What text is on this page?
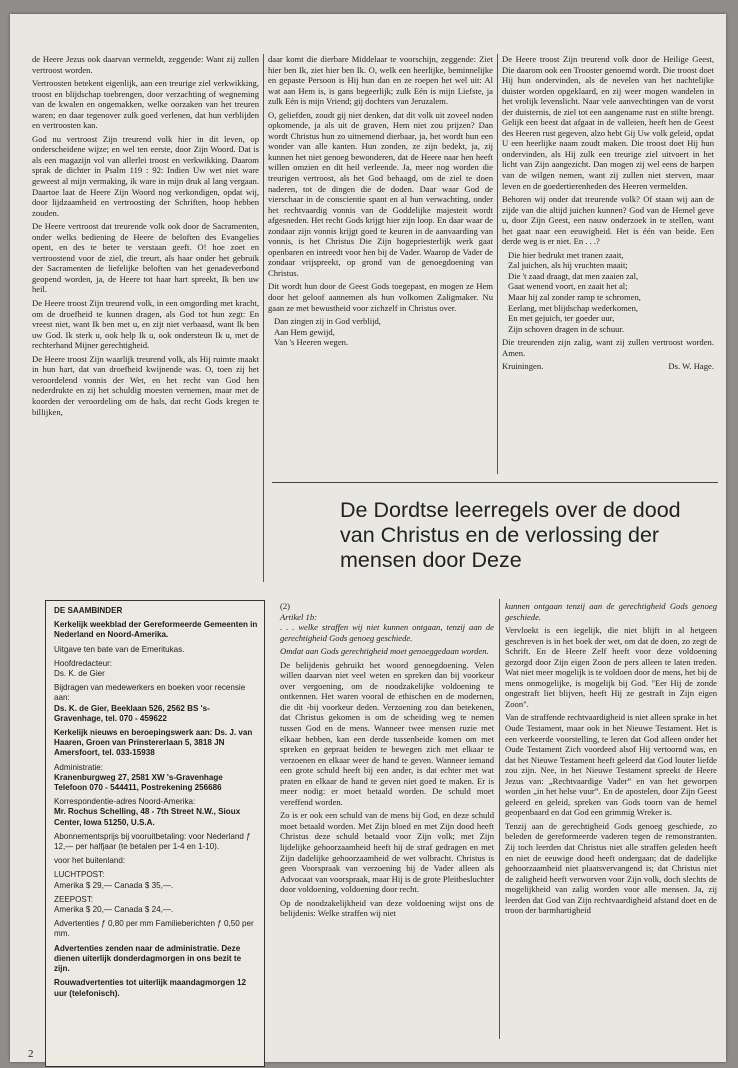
de Heere Jezus ook daarvan vermeldt, zeggende: Want zij zullen vertroost worden.

Vertroosten betekent eigenlijk, aan een treurige ziel verkwikking, troost en blijdschap toebrengen, door verzachting of wegneming van de kwalen en ongemakken, welke oorzaken van het treuren waren; en daar tegenover zulk goed verlenen, dat hun verblijden en vertroosten kan.

God nu vertroost Zijn treurend volk hier in dit leven, op onderscheidene wijze; en wel ten eerste, door Zijn Woord. Dat is als een magazijn vol van allerlei troost en verkwikking. Daarom sprak de dichter in Psalm 119 : 92: Indien Uw wet niet ware geweest al mijn vermaking, ik ware in mijn druk al lang vergaan. Daartoe laat de Heere Zijn Woord nog verkondigen, opdat wij, door lijdzaamheid en vertroosting der Schriften, hoop hebben zouden.

De Heere vertroost dat treurende volk ook door de Sacramenten, onder welks bediening de Heere de beloften des Evangelies opent, en des te beter te verstaan geeft. O! hoe zoet en vertroostend voor de ziel, die treurt, als haar onder het gebruik der Sacramenten de liefelijke beloften van het genadeverbond geopend worden, ja, de Heere tot haar hart spreekt, Ik ben uw heil.

De Heere troost Zijn treurend volk, in een omgording met kracht, om de droefheid te kunnen dragen, als God tot hun zegt: En vreest niet, want Ik ben met u, en zijt niet verbaasd, want Ik ben uw God. Ik sterk u, ook help Ik u, ook ondersteun Ik u, met de rechterhand Mijner gerechtigheid.

De Heere troost Zijn waarlijk treurend volk, als Hij ruimte maakt in hun hart, dat van droefheid kwijnende was. O, toen zij het veroordelend vonnis der Wet, en het recht van God hen nederdrukte en zij het schuldig moesten vernemen, maar met de koorden der veroordeling om de hals, dat recht Gods kregen te billijken,

daar komt die dierbare Middelaar te voorschijn, zeggende: Ziet hier ben Ik, ziet hier ben Ik. O, welk een heerlijke, beminnelijke en gepaste Persoon is Hij hun dan en ze roepen het wel uit: Al wat aan Hem is, is gans begeerlijk; zulk Eén is mijn Liefste, ja zulk Eén is mijn Vriend; gij dochters van Jeruzalem.

O, geliefden, zoudt gij niet denken, dat dit volk uit zoveel noden opkomende, ja als uit de graven, Hem niet zou prijzen? Dan wordt Christus hun zo uitnemend dierbaar, ja, het wordt hun een wonder van alle kanten. Hun zonden, ze zijn bedekt, ja, zij kunnen het niet genoeg bewonderen, dat de Heere naar hen heeft willen omzien en dit heil verleende. Ja, meer nog worden die treurigen vertroost, als het God behaagd, om de ziel te doen naderen, tot de dingen die de doden. Daar waar God de vierschaar in de conscientie spant en al hun verwachting, onder het rechtvaardig vonnis van de Goddelijke majesteit wordt afgesneden. Het recht Gods krijgt hier zijn loop. En daar waar de zondaar zijn vonnis krijgt goed te keuren in de aanvaarding van vonnis, is het Christus Die Zijn hogepriesterlijk werk gaat openbaren en intreedt voor hen bij de Vader. Waarop de Vader de zondaar vrijspreekt, op grond van de genoegdoening van Christus.

Dit wordt hun door de Geest Gods toegepast, en mogen ze Hem door het geloof aannemen als hun volkomen Zaligmaker. Nu gaan ze met bewustheid voor zichzelf in Christus over.

Dan zingen zij in God verblijd,
Aan Hem gewijd,
Van 's Heeren wegen.

De Heere troost Zijn treurend volk door de Heilige Geest, Die daarom ook een Trooster genoemd wordt. Die troost doet Hij hun ondervinden, als de nevelen van het nachtelijke duister worden opgeklaard, en zij weer mogen wandelen in het vrolijk levenslicht. Naar vele aanvechtingen van de vorst der duisternis, de ziel tot een aangename rust en stilte brengt. Gelijk een beest dat afgaat in de valleien, heeft hen de Geest des Heeren rust gegeven, alzo hebt Gij Uw volk geleid, opdat U een heerlijke naam zoudt maken. Die troost doet Hij hun ondervinden, als Hij zulk een treurige ziel uitvoert in het licht van Zijn aangezicht. Dan mogen zij wel eens de harpen van de wilgen nemen, want zij zullen niet sterven, maar leven en de goedertierenheden des Heeren vermelden.

Behoren wij onder dat treurende volk? Of staan wij aan de zijde van die altijd juichen kunnen? God van de Hemel geve u, door Zijn Geest, een nauw onderzoek in te stellen, want het gaat naar een eeuwigheid. Het is één van beide. Een derde weg is er niet. En . . .?

Die hier bedrukt met tranen zaait,
Zal juichen, als hij vruchten maait;
Die 't zaad draagt, dat men zaaien zal,
Gaat wenend voort, en zaait het al;
Maar hij zal zonder ramp te schromen,
Eerlang, met blijdschap wederkomen,
En met gejuich, ter goeder uur,
Zijn schoven dragen in de schuur.

Die treurenden zijn zalig, want zij zullen vertroost worden. Amen.

Kruiningen.	Ds. W. Hage.
De Dordtse leerregels over de dood
van Christus en de verlossing der
mensen door Deze

DE SAAMBINDER

Kerkelijk weekblad der Gereformeerde Gemeenten in Nederland en Noord-Amerika.

Uitgave ten bate van de Emeritukas.

Hoofdredacteur:

Ds. K. de Gier

Bijdragen van medewerkers en boeken voor recensie aan:

Ds. K. de Gier, Beeklaan 526, 2562 BS 's-Gravenhage, tel. 070 - 459622

Kerkelijk nieuws en beroepingswerk aan: Ds. J. van Haaren, Groen van Prinstererlaan 5, 3818 JN Amersfoort, tel. 033-15938

Administratie:

Kranenburgweg 27, 2581 XW 's-Gravenhage Telefoon 070 - 544411, Postrekening 256686

Korrespondentie-adres Noord-Amerika:

Mr. Rochus Schelling, 48 - 7th Street N.W., Sioux Center, Iowa 51250, U.S.A.

Abonnementsprijs bij vooruitbetaling: voor Nederland ƒ 12,— per halfjaar (te betalen per 1-4 en 1-10).

voor het buitenland:

LUCHTPOST:

Amerika $ 29,— Canada $ 35,—.

ZEEPOST:

Amerika $ 20,— Canada $ 24,—.

Advertenties ƒ 0,80 per mm Familieberichten ƒ 0,50 per mm.

Advertenties zenden naar de administratie. Deze dienen uiterlijk donderdagmorgen in ons bezit te zijn.

Rouwadvertenties tot uiterlijk maandagmorgen 12 uur (telefonisch).

(2)

Artikel 1b:

. . . welke straffen wij niet kunnen ontgaan, tenzij aan de gerechtigheid Gods genoeg geschiede.

Omdat aan Gods gerechtigheid moet genoeggedaan worden.

De belijdenis gebruikt het woord genoegdoening. Velen willen daarvan niet veel weten en spreken dan bij voorkeur over vergoening, om de noodzakelijke voldoening te ontkennen. Het waren vooral de ethischen en de modernen, die dit -bij voorkeur deden. Verzoening zou dan betekenen, dat Christus gekomen is om de scheiding weg te nemen tussen God en de mens. Wanneer twee mensen ruzie met elkaar hebben, kan een derde tussenbeide komen om met spreken en gepraat beiden te bewegen zich met elkaar te verzoenen en elkaar weer de hand te geven. Wanneer iemand een grote schuld heeft bij een ander, is dat echter met wat praten en elkaar de hand te geven niet goed te maken. Er is meer nodig: er moet betaald worden. De schuld moet vereffend worden.

Zo is er ook een schuld van de mens bij God, en deze schuld moet betaald worden. Met Zijn bloed en met Zijn dood heeft Christus deze schuld betaald voor Zijn volk; met Zijn lijdelijke gehoorzaamheid heeft hij de straf gedragen en met Zijn dadelijke gehoorzaamheid de wet volbracht. Christus is geen Voorspraak van verzoening bij de Vader alleen als Advocaat van voorspraak, maar Hij is de grote Pleitbesluchter door voldoening, voldoening door recht.

Op de noodzakelijkheid van deze voldoening wijst ons de belijdenis: Welke straffen wij niet

kunnen ontgaan tenzij aan de gerechtigheid Gods genoeg geschiede.

Vervloekt is een iegelijk, die niet blijft in al hetgeen geschreven is in het boek der wet, om dat de doen, zo zegt de Schrift. En de Heere Zelf heeft voor deze voldoening gezorgd door Zijn eigen Zoon de pers alleen te laten treden. Wat niet meer mogelijk is te voldoen door de mens, het bij de mens onmogelijke, is mogelijk bij God. "Eer Hij de zonde ongestraft liet blijven, heeft Hij ze gestraft in Zijn eigen Zoon".

Van de straffende rechtvaardigheid is niet alleen sprake in het Oude Testament, maar ook in het Nieuwe Testament. Het is een verkeerde voorstelling, te leren dat God alleen onder het Oude Testament Zich voordeed alsof Hij vertoornd was, en dat het Nieuwe Testament heeft geleerd dat God louter liefde zou zijn. Nee, in het Nieuwe Testament spreekt de Heere Jezus van: „Rechtvaardige Vader” en van het geworpen worden „in het helse vuur”. En de apostelen, door Zijn Geest geleerd en geleid, spreken van Gods toorn van de hemel geopenbaard en dat God een grimmig Wreker is.

Tenzij aan de gerechtigheid Gods genoeg geschiede, zo beleden de gereformeerde vaderen tegen de remonstranten. Zij toch leerden dat Christus niet alle straffen geleden heeft en niet de eeuwige dood heeft ondergaan; dat de dadelijke gehoorzaamheid niet plaatsvervangend is; dat Christus niet de zaligheid heeft verworven voor Zijn volk, doch slechts de mogelijkheid van zalig worden voor alle mensen. Ja, zij leerden dat God van Zijn rechtvaardigheid afstand doet en de troon der barmhartigheid

2
